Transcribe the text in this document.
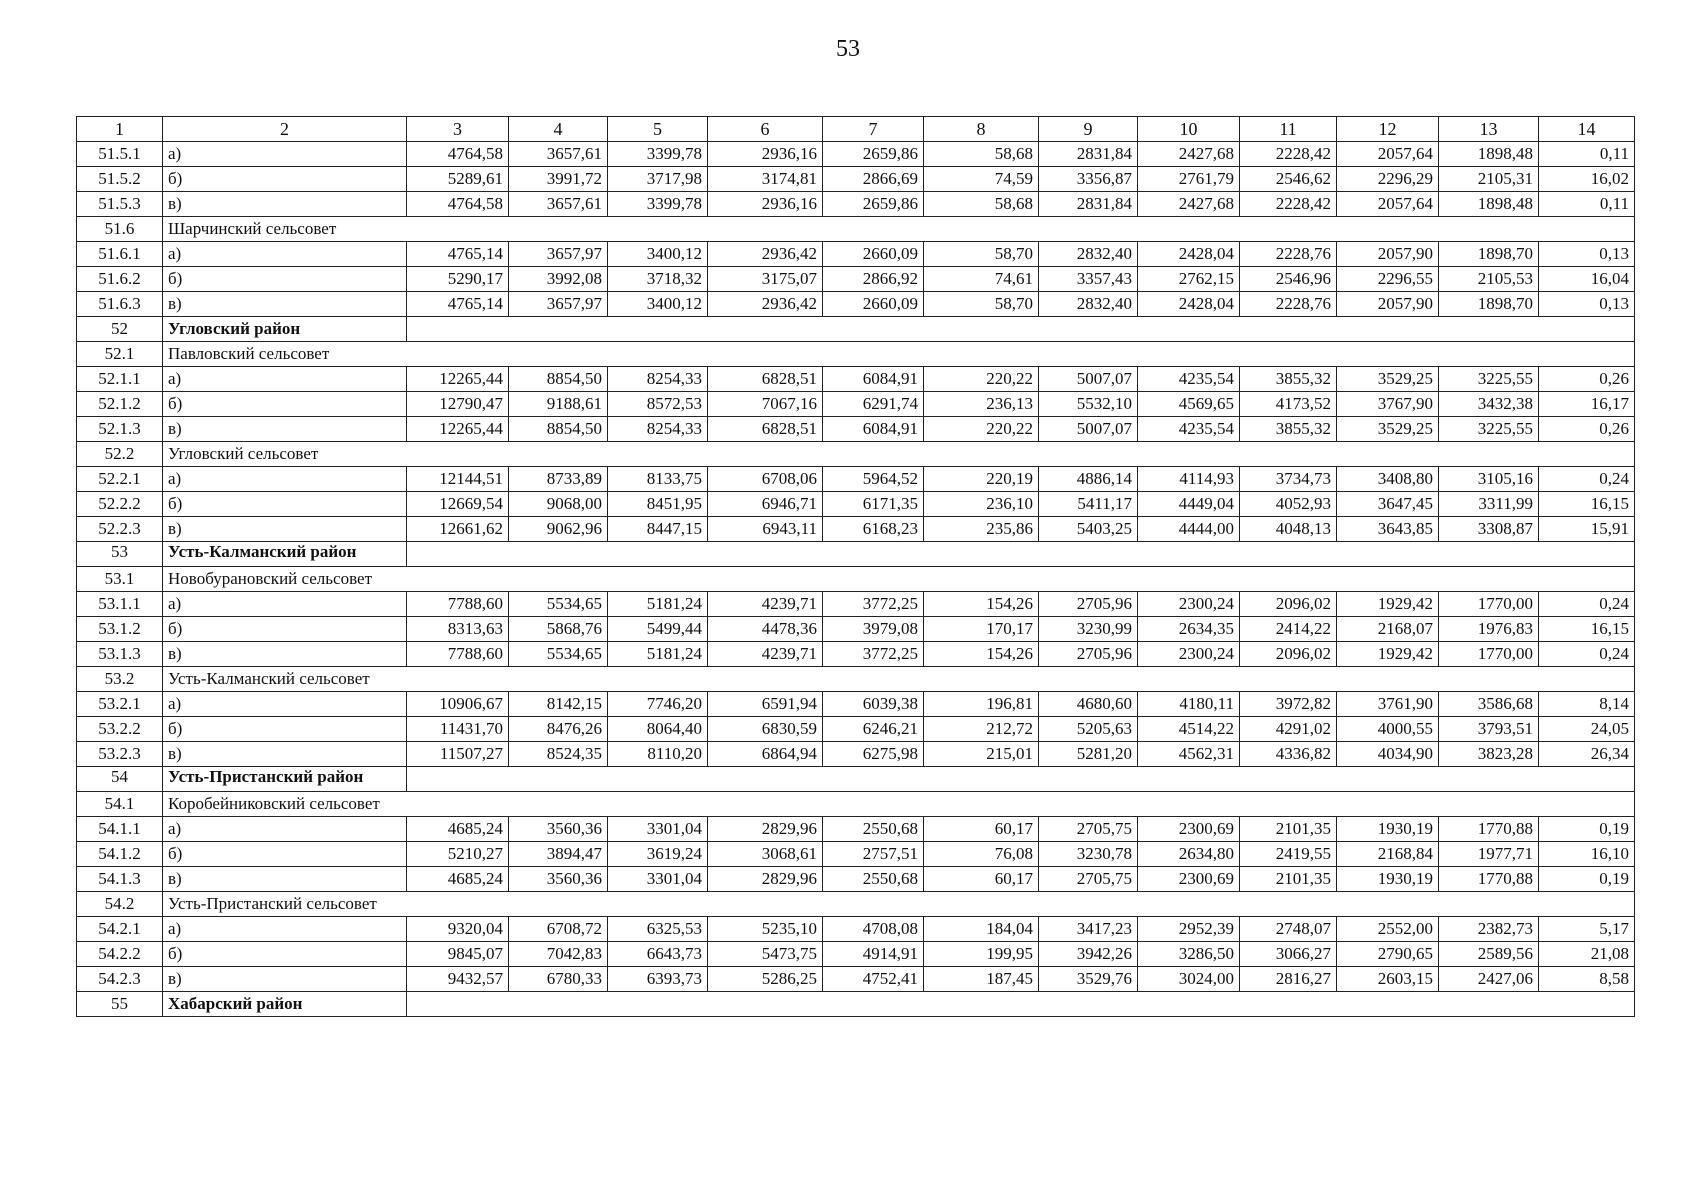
53
1	2	3	4	5	6	7	8	9	10	11	12	13	14
51.5.1	а)	4764,58	3657,61	3399,78	2936,16	2659,86	58,68	2831,84	2427,68	2228,42	2057,64	1898,48	0,11
51.5.2	б)	5289,61	3991,72	3717,98	3174,81	2866,69	74,59	3356,87	2761,79	2546,62	2296,29	2105,31	16,02
51.5.3	в)	4764,58	3657,61	3399,78	2936,16	2659,86	58,68	2831,84	2427,68	2228,42	2057,64	1898,48	0,11
51.6	Шарчинский сельсовет												
51.6.1	а)	4765,14	3657,97	3400,12	2936,42	2660,09	58,70	2832,40	2428,04	2228,76	2057,90	1898,70	0,13
51.6.2	б)	5290,17	3992,08	3718,32	3175,07	2866,92	74,61	3357,43	2762,15	2546,96	2296,55	2105,53	16,04
51.6.3	в)	4765,14	3657,97	3400,12	2936,42	2660,09	58,70	2832,40	2428,04	2228,76	2057,90	1898,70	0,13
52	Угловский район												
52.1	Павловский сельсовет												
52.1.1	а)	12265,44	8854,50	8254,33	6828,51	6084,91	220,22	5007,07	4235,54	3855,32	3529,25	3225,55	0,26
52.1.2	б)	12790,47	9188,61	8572,53	7067,16	6291,74	236,13	5532,10	4569,65	4173,52	3767,90	3432,38	16,17
52.1.3	в)	12265,44	8854,50	8254,33	6828,51	6084,91	220,22	5007,07	4235,54	3855,32	3529,25	3225,55	0,26
52.2	Угловский сельсовет												
52.2.1	а)	12144,51	8733,89	8133,75	6708,06	5964,52	220,19	4886,14	4114,93	3734,73	3408,80	3105,16	0,24
52.2.2	б)	12669,54	9068,00	8451,95	6946,71	6171,35	236,10	5411,17	4449,04	4052,93	3647,45	3311,99	16,15
52.2.3	в)	12661,62	9062,96	8447,15	6943,11	6168,23	235,86	5403,25	4444,00	4048,13	3643,85	3308,87	15,91
53	Усть-Калманский район												
53.1	Новобурановский сельсовет												
53.1.1	а)	7788,60	5534,65	5181,24	4239,71	3772,25	154,26	2705,96	2300,24	2096,02	1929,42	1770,00	0,24
53.1.2	б)	8313,63	5868,76	5499,44	4478,36	3979,08	170,17	3230,99	2634,35	2414,22	2168,07	1976,83	16,15
53.1.3	в)	7788,60	5534,65	5181,24	4239,71	3772,25	154,26	2705,96	2300,24	2096,02	1929,42	1770,00	0,24
53.2	Усть-Калманский сельсовет												
53.2.1	а)	10906,67	8142,15	7746,20	6591,94	6039,38	196,81	4680,60	4180,11	3972,82	3761,90	3586,68	8,14
53.2.2	б)	11431,70	8476,26	8064,40	6830,59	6246,21	212,72	5205,63	4514,22	4291,02	4000,55	3793,51	24,05
53.2.3	в)	11507,27	8524,35	8110,20	6864,94	6275,98	215,01	5281,20	4562,31	4336,82	4034,90	3823,28	26,34
54	Усть-Пристанский район												
54.1	Коробейниковский сельсовет												
54.1.1	а)	4685,24	3560,36	3301,04	2829,96	2550,68	60,17	2705,75	2300,69	2101,35	1930,19	1770,88	0,19
54.1.2	б)	5210,27	3894,47	3619,24	3068,61	2757,51	76,08	3230,78	2634,80	2419,55	2168,84	1977,71	16,10
54.1.3	в)	4685,24	3560,36	3301,04	2829,96	2550,68	60,17	2705,75	2300,69	2101,35	1930,19	1770,88	0,19
54.2	Усть-Пристанский сельсовет												
54.2.1	а)	9320,04	6708,72	6325,53	5235,10	4708,08	184,04	3417,23	2952,39	2748,07	2552,00	2382,73	5,17
54.2.2	б)	9845,07	7042,83	6643,73	5473,75	4914,91	199,95	3942,26	3286,50	3066,27	2790,65	2589,56	21,08
54.2.3	в)	9432,57	6780,33	6393,73	5286,25	4752,41	187,45	3529,76	3024,00	2816,27	2603,15	2427,06	8,58
55	Хабарский район												
